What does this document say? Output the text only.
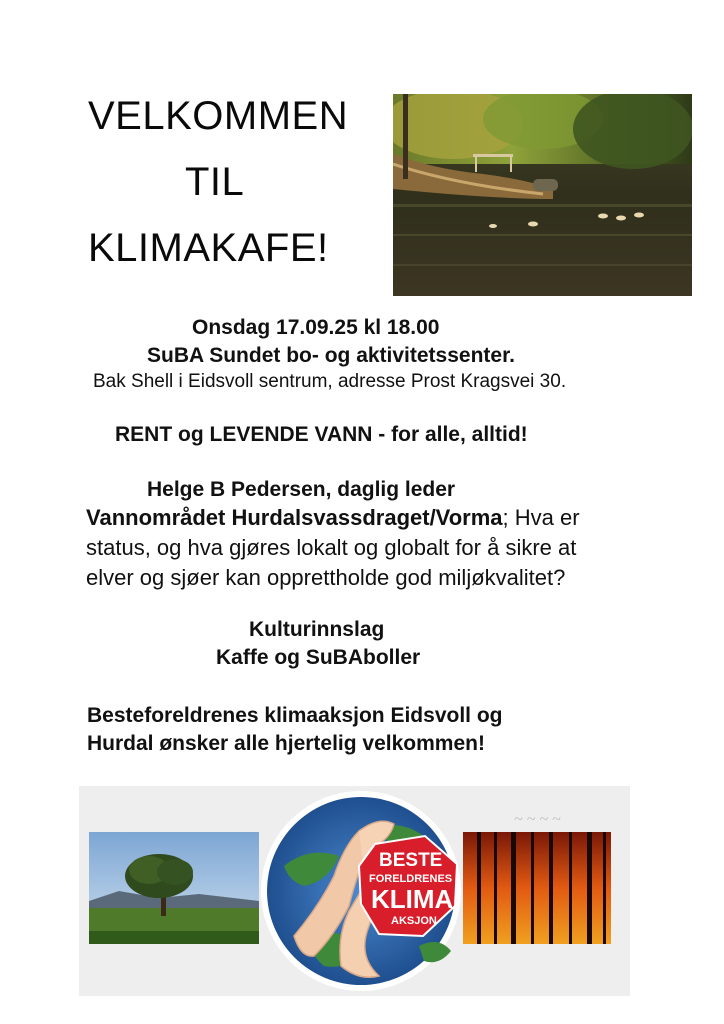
VELKOMMEN
TIL
KLIMAKAFE!
Onsdag 17.09.25 kl 18.00
SuBA Sundet bo- og aktivitetssenter.
Bak Shell i Eidsvoll sentrum, adresse Prost Kragsvei 30.
RENT og LEVENDE VANN - for alle, alltid!
Helge B Pedersen, daglig leder
Vannområdet Hurdalsvassdraget/Vorma; Hva er
status, og hva gjøres lokalt og globalt for å sikre at
elver og sjøer kan opprettholde god miljøkvalitet?
Kulturinnslag
Kaffe og SuBAboller
Besteforeldrenes klimaaksjon Eidsvoll og
Hurdal ønsker alle hjertelig velkommen!
~ ~ ~ ~
BESTE
FORELDRENES
KLIMA
AKSJON
